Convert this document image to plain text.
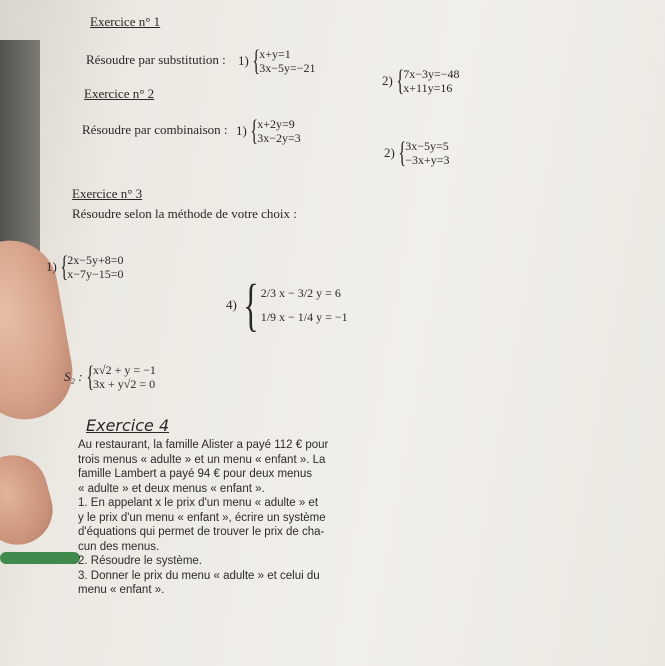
Exercice n° 1
Résoudre par substitution : 1) { x+y=1
3x−5y=−21
2) { 7x−3y=−48
x+11y=16
Exercice n° 2
Résoudre par combinaison : 1) { x+2y=9
3x−2y=3
2) { 3x−5y=5
−3x+y=3
Exercice n° 3
Résoudre selon la méthode de votre choix :
1) { 2x−5y+8=0
x−7y−15=0
4) { 2/3 x − 3/2 y = 6
1/9 x − 1/4 y = −1
S₂ : { x√2 + y = −1
3x + y√2 = 0
Exercice 4

Au restaurant, la famille Alister a payé 112 € pour

trois menus « adulte » et un menu « enfant ». La

famille Lambert a payé 94 € pour deux menus

« adulte » et deux menus « enfant ».

1. En appelant x le prix d'un menu « adulte » et

y le prix d'un menu « enfant », écrire un système

d'équations qui permet de trouver le prix de cha-

cun des menus.

2. Résoudre le système.

3. Donner le prix du menu « adulte » et celui du

menu « enfant ».
